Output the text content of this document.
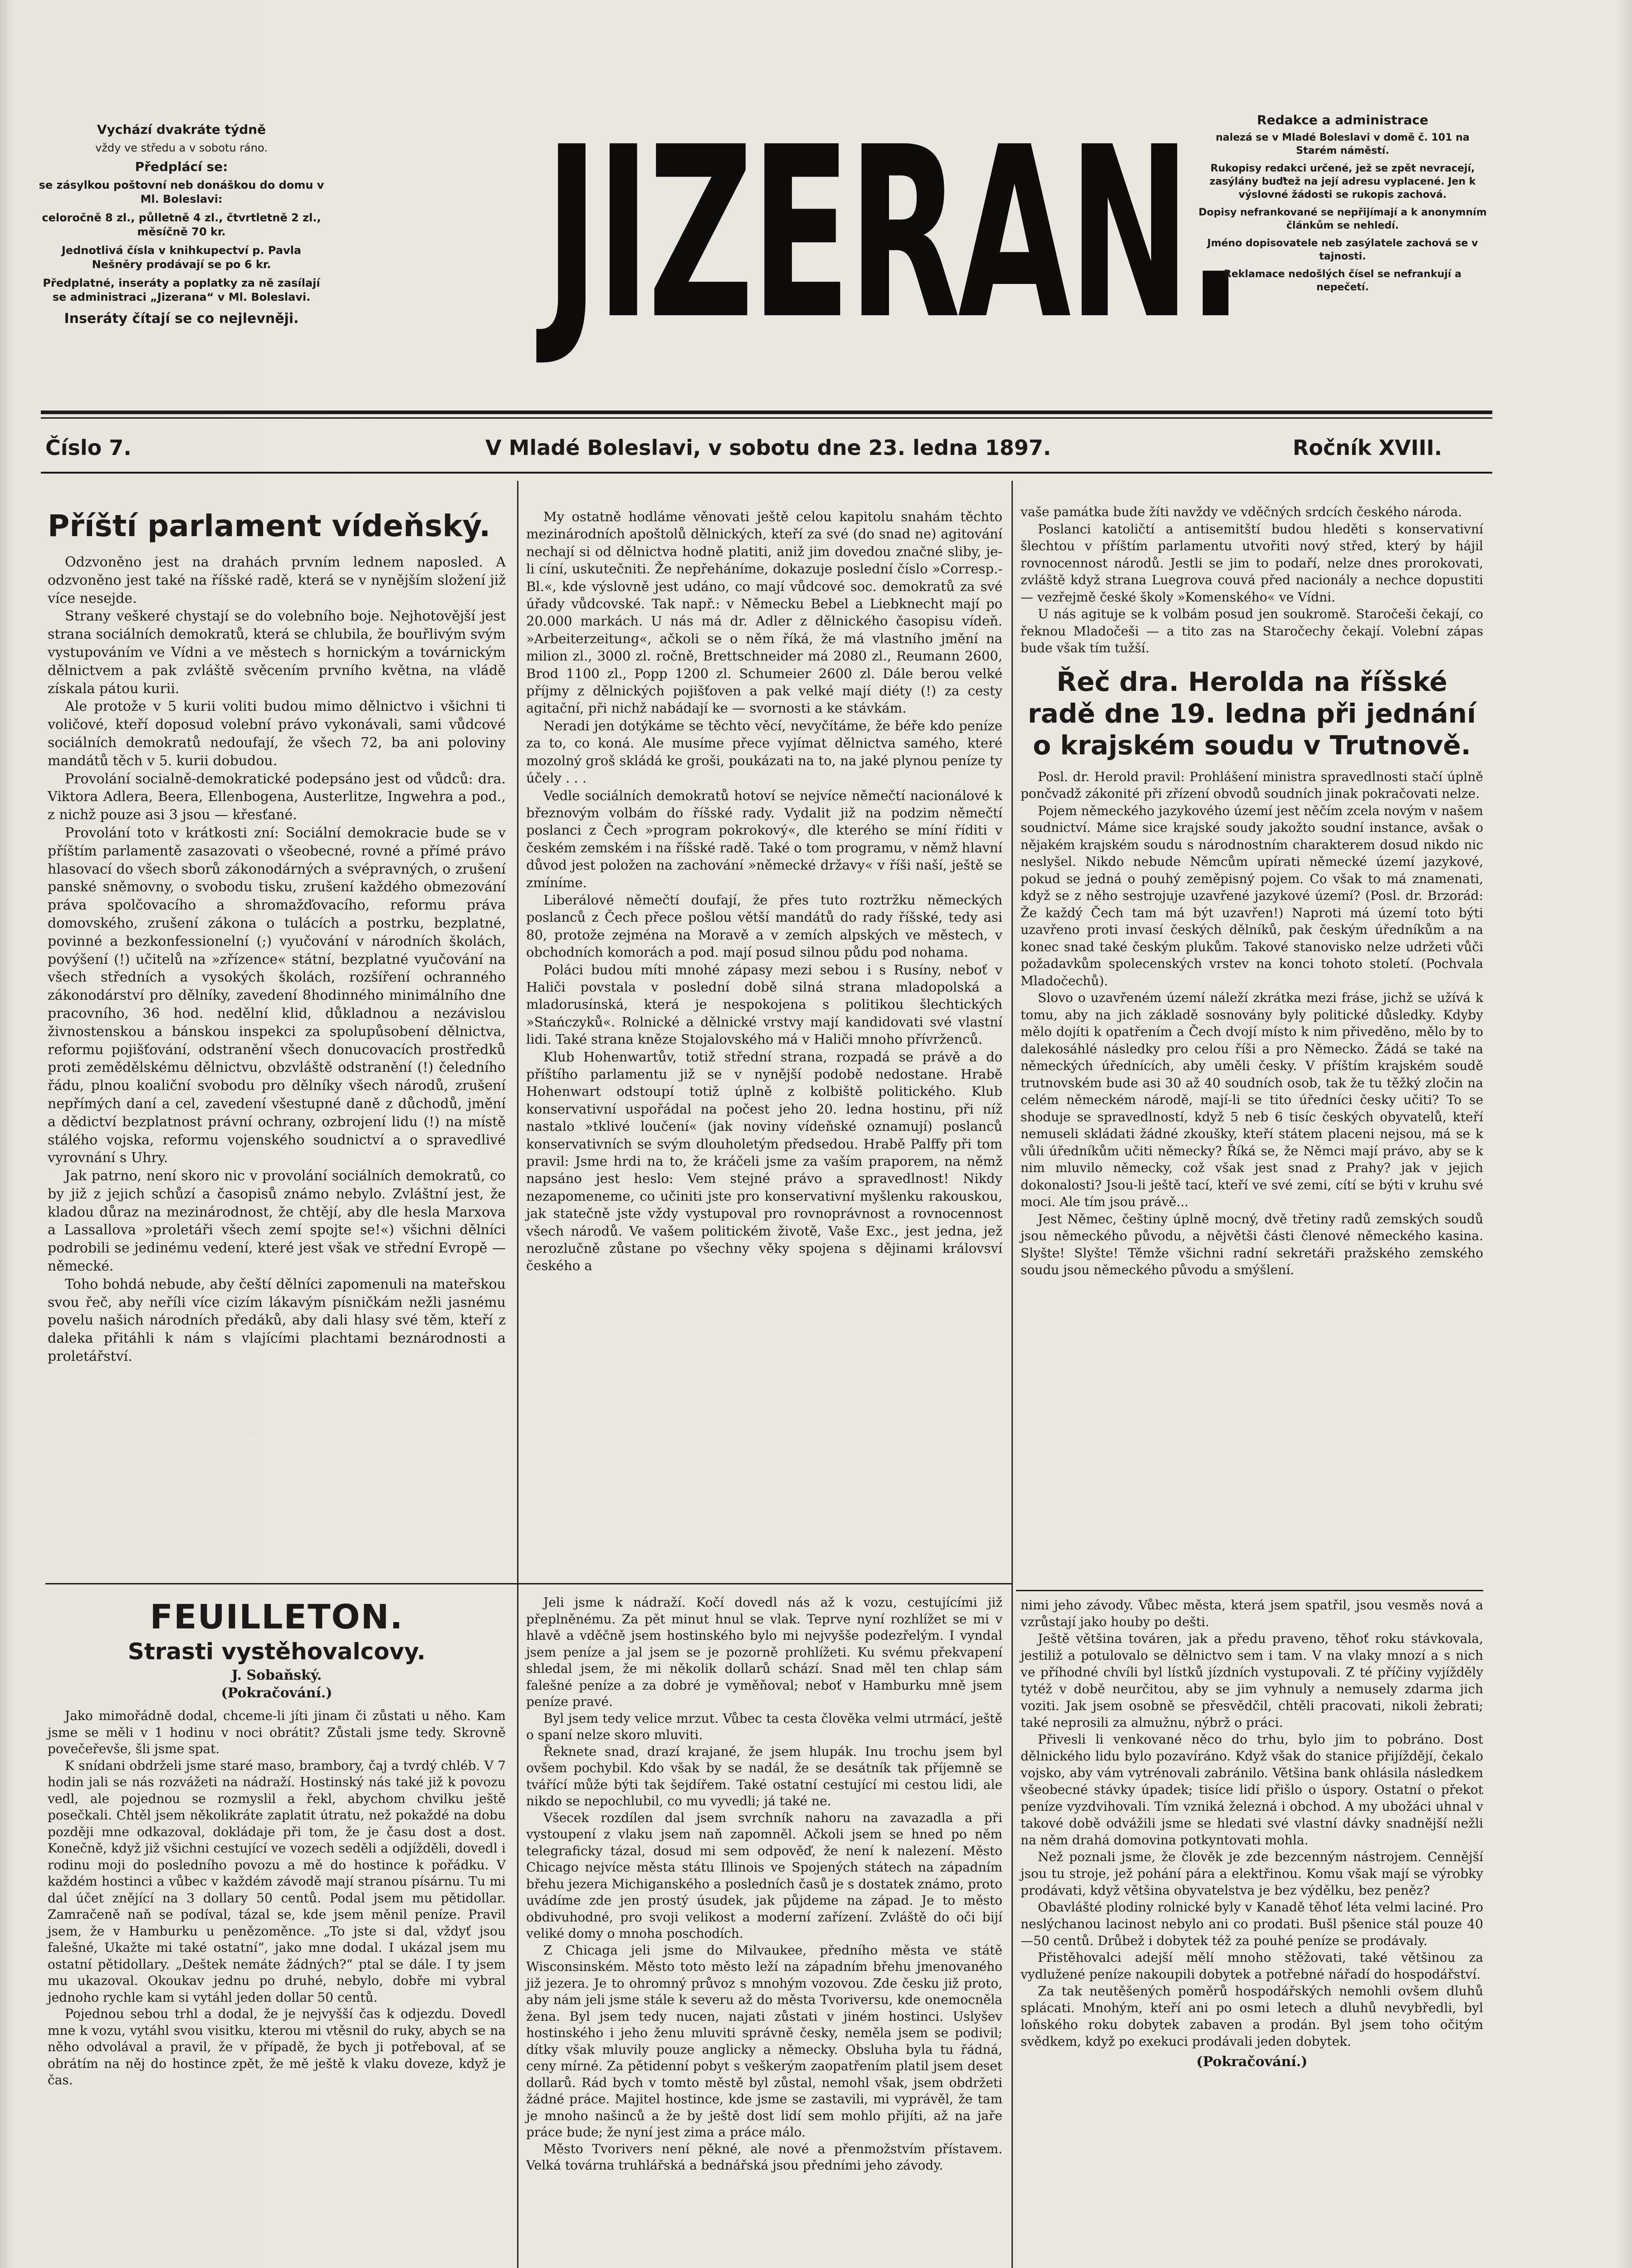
Vychází dvakráte týdně

vždy ve středu a v sobotu ráno.

Předplácí se:

se zásylkou poštovní neb donáškou do domu v Ml. Boleslavi:

celoročně 8 zl., půlletně 4 zl., čtvrtletně 2 zl., měsíčně 70 kr.

Jednotlivá čísla v knihkupectví p. Pavla Nešněry prodávají se po 6 kr.

Předplatné, inseráty a poplatky za ně zasílají se administraci „Jizerana“ v Ml. Boleslavi.

Inseráty čítají se co nejlevněji. JIZERAN.	Redakce a administrace

nalezá se v Mladé Boleslavi v domě č. 101 na Starém náměstí.

Rukopisy redakci určené, jež se zpět nevracejí, zasýlány buďtež na její adresu vyplacené. Jen k výslovné žádosti se rukopis zachová.

Dopisy nefrankované se nepřijímají a k anonymním článkům se nehledí.

Jméno dopisovatele neb zasýlatele zachová se v tajnosti.

Reklamace nedošlých čísel se nefrankují a nepečetí.

Číslo 7.	V Mladé Boleslavi, v sobotu dne 23. ledna 1897.	Ročník XVIII.
Příští parlament vídeňský.

Odzvoněno jest na drahách prvním lednem naposled. A odzvoněno jest také na říšské radě, která se v nynějším složení již více nesejde.

Strany veškeré chystají se do volebního boje. Nejhotovější jest strana sociálních demokratů, která se chlubila, že bouřlivým svým vystupováním ve Vídni a ve městech s hornickým a továrnickým dělnictvem a pak zvláště svěcením prvního května, na vládě získala pátou kurii.

Ale protože v 5 kurii voliti budou mimo dělnictvo i všichni ti voličové, kteří doposud volební právo vykonávali, sami vůdcové sociálních demokratů nedoufají, že všech 72, ba ani poloviny mandátů těch v 5. kurii dobudou.

Provolání socialně-demokratické podepsáno jest od vůdců: dra. Viktora Adlera, Beera, Ellenbogena, Austerlitze, Ingwehra a pod., z nichž pouze asi 3 jsou — křesťané.

Provolání toto v krátkosti zní: Sociální demokracie bude se v příštím parlamentě zasazovati o všeobecné, rovné a přímé právo hlasovací do všech sborů zákonodárných a svépravných, o zrušení panské sněmovny, o svobodu tisku, zrušení každého obmezování práva spolčovacího a shromažďovacího, reformu práva domovského, zrušení zákona o tulácích a postrku, bezplatné, povinné a bezkonfessionelní (;) vyučování v národních školách, povýšení (!) učitelů na »zřízence« státní, bezplatné vyučování na všech středních a vysokých školách, rozšíření ochranného zákonodárství pro dělníky, zavedení 8hodinného minimálního dne pracovního, 36 hod. nedělní klid, důkladnou a nezávislou živnostenskou a bánskou inspekci za spolupůsobení dělnictva, reformu pojišťování, odstranění všech donucovacích prostředků proti zemědělskému dělnictvu, obzvláště odstranění (!) čeledního řádu, plnou koaliční svobodu pro dělníky všech národů, zrušení nepřímých daní a cel, zavedení všestupné daně z důchodů, jmění a dědictví bezplatnost právní ochrany, ozbrojení lidu (!) na místě stálého vojska, reformu vojenského soudnictví a o spravedlivé vyrovnání s Uhry.

Jak patrno, není skoro nic v provolání sociálních demokratů, co by již z jejich schůzí a časopisů známo nebylo. Zvláštní jest, že kladou důraz na mezinárodnost, že chtějí, aby dle hesla Marxova a Lassallova »proletáři všech zemí spojte se!«) všichni dělníci podrobili se jedinému vedení, které jest však ve střední Evropě — německé.

Toho bohdá nebude, aby čeští dělníci zapomenuli na mateřskou svou řeč, aby neříli více cizím lákavým písničkám nežli jasnému povelu našich národních předáků, aby dali hlasy své těm, kteří z daleka přitáhli k nám s vlajícími plachtami beznárodnosti a proletářství.

My ostatně hodláme věnovati ještě celou kapitolu snahám těchto mezinárodních apoštolů dělnických, kteří za své (do snad ne) agitování nechají si od dělnictva hodně platiti, aniž jim dovedou značné sliby, je-li cíní, uskutečniti. Že nepřeháníme, dokazuje poslední číslo »Corresp.-Bl.«, kde výslovně jest udáno, co mají vůdcové soc. demokratů za své úřady vůdcovské. Tak např.: v Německu Bebel a Liebknecht mají po 20.000 markách. U nás má dr. Adler z dělnického časopisu vídeň. »Arbeiterzeitung«, ačkoli se o něm říká, že má vlastního jmění na milion zl., 3000 zl. ročně, Brettschneider má 2080 zl., Reumann 2600, Brod 1100 zl., Popp 1200 zl. Schumeier 2600 zl. Dále berou velké příjmy z dělnických pojišťoven a pak velké mají diéty (!) za cesty agitační, při nichž nabádají ke — svornosti a ke stávkám.

Neradi jen dotýkáme se těchto věcí, nevyčítáme, že béře kdo peníze za to, co koná. Ale musíme přece vyjímat dělnictva samého, které mozolný groš skládá ke groši, poukázati na to, na jaké plynou peníze ty účely . . .

Vedle sociálních demokratů hotoví se nejvíce němečtí nacionálové k březnovým volbám do říšské rady. Vydalit již na podzim němečtí poslanci z Čech »program pokrokový«, dle kterého se míní říditi v českém zemském i na říšské radě. Také o tom programu, v němž hlavní důvod jest položen na zachování »německé državy« v říši naší, ještě se zmíníme.

Liberálové němečtí doufají, že přes tuto roztržku německých poslanců z Čech přece pošlou větší mandátů do rady říšské, tedy asi 80, protože zejména na Moravě a v zemích alpských ve městech, v obchodních komorách a pod. mají posud silnou půdu pod nohama.

Poláci budou míti mnohé zápasy mezi sebou i s Rusíny, neboť v Haliči povstala v poslední době silná strana mladopolská a mladorusínská, která je nespokojena s politikou šlechtických »Stańczyků«. Rolnické a dělnické vrstvy mají kandidovati své vlastní lidi. Také strana kněze Stojalovského má v Haliči mnoho přívrženců.

Klub Hohenwartův, totiž střední strana, rozpadá se právě a do příštího parlamentu již se v nynější podobě nedostane. Hrabě Hohenwart odstoupí totiž úplně z kolbiště politického. Klub konservativní uspořádal na počest jeho 20. ledna hostinu, při níž nastalo »tklivé loučení« (jak noviny vídeňské oznamují) poslanců konservativních se svým dlouholetým předsedou. Hrabě Palffy při tom pravil: Jsme hrdi na to, že kráčeli jsme za vaším praporem, na němž napsáno jest heslo: Vem stejné právo a spravedlnost! Nikdy nezapomeneme, co učiniti jste pro konservativní myšlenku rakouskou, jak statečně jste vždy vystupoval pro rovnoprávnost a rovnocennost všech národů. Ve vašem politickém životě, Vaše Exc., jest jedna, jež nerozlučně zůstane po všechny věky spojena s dějinami královsví českého a

vaše památka bude žíti navždy ve vděčných srdcích českého národa.

Poslanci katoličtí a antisemitští budou hleděti s konservativní šlechtou v příštím parlamentu utvořiti nový střed, který by hájil rovnocennost národů. Jestli se jim to podaří, nelze dnes prorokovati, zvláště když strana Luegrova couvá před nacionály a nechce dopustiti — vezřejmě české školy »Komenského« ve Vídni.

U nás agituje se k volbám posud jen soukromě. Staročeši čekají, co řeknou Mladočeši — a tito zas na Staročechy čekají. Volební zápas bude však tím tužší.

Řeč dra. Herolda na říšské radě dne 19. ledna při jednání o krajském soudu v Trutnově.

Posl. dr. Herold pravil: Prohlášení ministra spravedlnosti stačí úplně pončvadž zákonité při zřízení obvodů soudních jinak pokračovati nelze.

Pojem německého jazykového území jest něčím zcela novým v našem soudnictví. Máme sice krajské soudy jakožto soudní instance, avšak o nějakém krajském soudu s národnostním charakterem dosud nikdo nic neslyšel. Nikdo nebude Němcům upírati německé území jazykové, pokud se jedná o pouhý zeměpisný pojem. Co však to má znamenati, když se z něho sestrojuje uzavřené jazykové území? (Posl. dr. Brzorád: Že každý Čech tam má být uzavřen!) Naproti má území toto býti uzavřeno proti invasí českých dělníků, pak českým úředníkům a na konec snad také českým plukům. Takové stanovisko nelze udržeti vůči požadavkům spolecenských vrstev na konci tohoto století. (Pochvala Mladočechů).

Slovo o uzavřeném území náleží zkrátka mezi fráse, jichž se užívá k tomu, aby na jich základě sosnovány byly politické důsledky. Kdyby mělo dojíti k opatřením a Čech dvojí místo k nim přiveděno, mělo by to dalekosáhlé následky pro celou říši a pro Německo. Žádá se také na německých úřednících, aby uměli česky. V příštím krajském soudě trutnovském bude asi 30 až 40 soudních osob, tak že tu těžký zločin na celém německém národě, mají-li se tito úředníci česky učiti? To se shoduje se spravedlností, když 5 neb 6 tisíc českých obyvatelů, kteří nemuseli skládati žádné zkoušky, kteří státem placeni nejsou, má se k vůli úředníkům učiti německy? Říká se, že Němci mají právo, aby se k nim mluvilo německy, což však jest snad z Prahy? jak v jejich dokonalosti? Jsou-li ještě tací, kteří ve své zemi, cítí se býti v kruhu své moci. Ale tím jsou právě...

Jest Němec, češtiny úplně mocný, dvě třetiny radů zemských soudů jsou německého původu, a nějvětši části členové německého kasina. Slyšte! Slyšte! Těmže všichni radní sekretáři pražského zemského soudu jsou německého původu a smýšlení.

FEUILLETON.
Strasti vystěhovalcovy.
J. Sobaňský.
(Pokračování.)

Jako mimořádně dodal, chceme-li jíti jinam či zůstati u něho. Kam jsme se měli v 1 hodinu v noci obrátit? Zůstali jsme tedy. Skrovně povečeřevše, šli jsme spat.

K snídani obdrželi jsme staré maso, brambory, čaj a tvrdý chléb. V 7 hodin jali se nás rozvážeti na nádraží. Hostinský nás také již k povozu vedl, ale pojednou se rozmyslil a řekl, abychom chvilku ještě posečkali. Chtěl jsem několikráte zaplatit útratu, než pokaždé na dobu později mne odkazoval, dokládaje při tom, že je času dost a dost. Konečně, když již všichni cestující ve vozech seděli a odjížděli, dovedl i rodinu moji do posledního povozu a mě do hostince k pořádku. V každém hostinci a vůbec v každém závodě mají stranou písárnu. Tu mi dal účet znějící na 3 dollary 50 centů. Podal jsem mu pětidollar. Zamračeně naň se podíval, tázal se, kde jsem měnil peníze. Pravil jsem, že v Hamburku u penězoměnce. „To jste si dal, vždyť jsou falešné, Ukažte mi také ostatní“, jako mne dodal. I ukázal jsem mu ostatní pětidollary. „Deštek nemáte žádných?“ ptal se dále. I ty jsem mu ukazoval. Okoukav jednu po druhé, nebylo, dobře mi vybral jednoho rychle kam si vytáhl jeden dollar 50 centů.

Pojednou sebou trhl a dodal, že je nejvyšší čas k odjezdu. Dovedl mne k vozu, vytáhl svou visitku, kterou mi vtěsnil do ruky, abych se na něho odvolával a pravil, že v případě, že bych ji potřeboval, ať se obrátím na něj do hostince zpět, že mě ještě k vlaku doveze, když je čas.

Jeli jsme k nádraží. Kočí dovedl nás až k vozu, cestujícími již přeplněnému. Za pět minut hnul se vlak. Teprve nyní rozhlížet se mi v hlavě a vděčně jsem hostinského bylo mi nejvyšše podezřelým. I vyndal jsem peníze a jal jsem se je pozorně prohlížeti. Ku svému překvapení shledal jsem, že mi několik dollarů schází. Snad měl ten chlap sám falešné peníze a za dobré je vyměňoval; neboť v Hamburku mně jsem peníze pravé.

Byl jsem tedy velice mrzut. Vůbec ta cesta člověka velmi utrmácí, ještě o spaní nelze skoro mluviti.

Řeknete snad, drazí krajané, že jsem hlupák. Inu trochu jsem byl ovšem pochybil. Kdo však by se nadál, že se desátník tak příjemně se tvářící může býti tak šejdířem. Také ostatní cestující mi cestou lidi, ale nikdo se nepochlubil, co mu vyvedli; já také ne.

Všecek rozdílen dal jsem svrchník nahoru na zavazadla a při vystoupení z vlaku jsem naň zapomněl. Ačkoli jsem se hned po něm telegraficky tázal, dosud mi sem odpověď, že není k nalezení. Město Chicago nejvíce města státu Illinois ve Spojených státech na západním břehu jezera Michiganského a posledních časů je s dostatek známo, proto uvádíme zde jen prostý úsudek, jak půjdeme na západ. Je to město obdivuhodné, pro svoji velikost a moderní zařízení. Zvláště do oči bijí veliké domy o mnoha poschodích.

Z Chicaga jeli jsme do Milvaukee, předního města ve státě Wisconsinském. Město toto město leží na západním břehu jmenovaného již jezera. Je to ohromný průvoz s mnohým vozovou. Zde česku již proto, aby nám jeli jsme stále k severu až do města Tvoriversu, kde onemocněla žena. Byl jsem tedy nucen, najati zůstati v jiném hostinci. Uslyšev hostinského i jeho ženu mluviti správně česky, neměla jsem se podivil; dítky však mluvily pouze anglicky a německy. Obsluha byla tu řádná, ceny mírné. Za pětidenní pobyt s veškerým zaopatřením platil jsem deset dollarů. Rád bych v tomto městě byl zůstal, nemohl však, jsem obdržeti žádné práce. Majitel hostince, kde jsme se zastavili, mi vyprávěl, že tam je mnoho našinců a že by ještě dost lidí sem mohlo přijíti, až na jaře práce bude; že nyní jest zima a práce málo.

Město Tvorivers není pěkné, ale nové a přenmožstvím přístavem. Velká továrna truhlářská a bednářská jsou předními jeho závody.

nimi jeho závody. Vůbec města, která jsem spatřil, jsou vesměs nová a vzrůstají jako houby po dešti.

Ještě většina továren, jak a předu praveno, těhoť roku stávkovala, jestiliž a potulovalo se dělnictvo sem i tam. V na vlaky mnozí a s nich ve příhodné chvíli byl lístků jízdních vystupovali. Z té příčiny vyjížděly tytéž v době neurčitou, aby se jim vyhnuly a nemusely zdarma jich voziti. Jak jsem osobně se přesvědčil, chtěli pracovati, nikoli žebrati; také neprosili za almužnu, nýbrž o práci.

Přivesli li venkované něco do trhu, bylo jim to pobráno. Dost dělnického lidu bylo pozavíráno. Když však do stanice přijíždějí, čekalo vojsko, aby vám vytrénovali zabránilo. Většina bank ohlásila následkem všeobecné stávky úpadek; tisíce lidí přišlo o úspory. Ostatní o překot peníze vyzdvihovali. Tím vzniká železná i obchod. A my ubožáci uhnal v takové době odvážili jsme se hledati své vlastní dávky snadnější nežli na něm drahá domovina potkyntovati mohla.

Než poznali jsme, že člověk je zde bezcenným nástrojem. Cennější jsou tu stroje, jež pohání pára a elektřinou. Komu však mají se výrobky prodávati, když většina obyvatelstva je bez výdělku, bez peněz?

Obavlášté plodiny rolnické byly v Kanadě těhoť léta velmi laciné. Pro neslýchanou lacinost nebylo ani co prodati. Bušl pšenice stál pouze 40—50 centů. Drůbež i dobytek též za pouhé peníze se prodávaly.

Přistěhovalci adejší mělí mnoho stěžovati, také většinou za vydlužené peníze nakoupili dobytek a potřebné nářadí do hospodářství.

Za tak neutěšených poměrů hospodářských nemohli ovšem dluhů splácati. Mnohým, kteří ani po osmi letech a dluhů nevybředli, byl loňského roku dobytek zabaven a prodán. Byl jsem toho očitým svědkem, když po exekuci prodávali jeden dobytek.

(Pokračování.)
